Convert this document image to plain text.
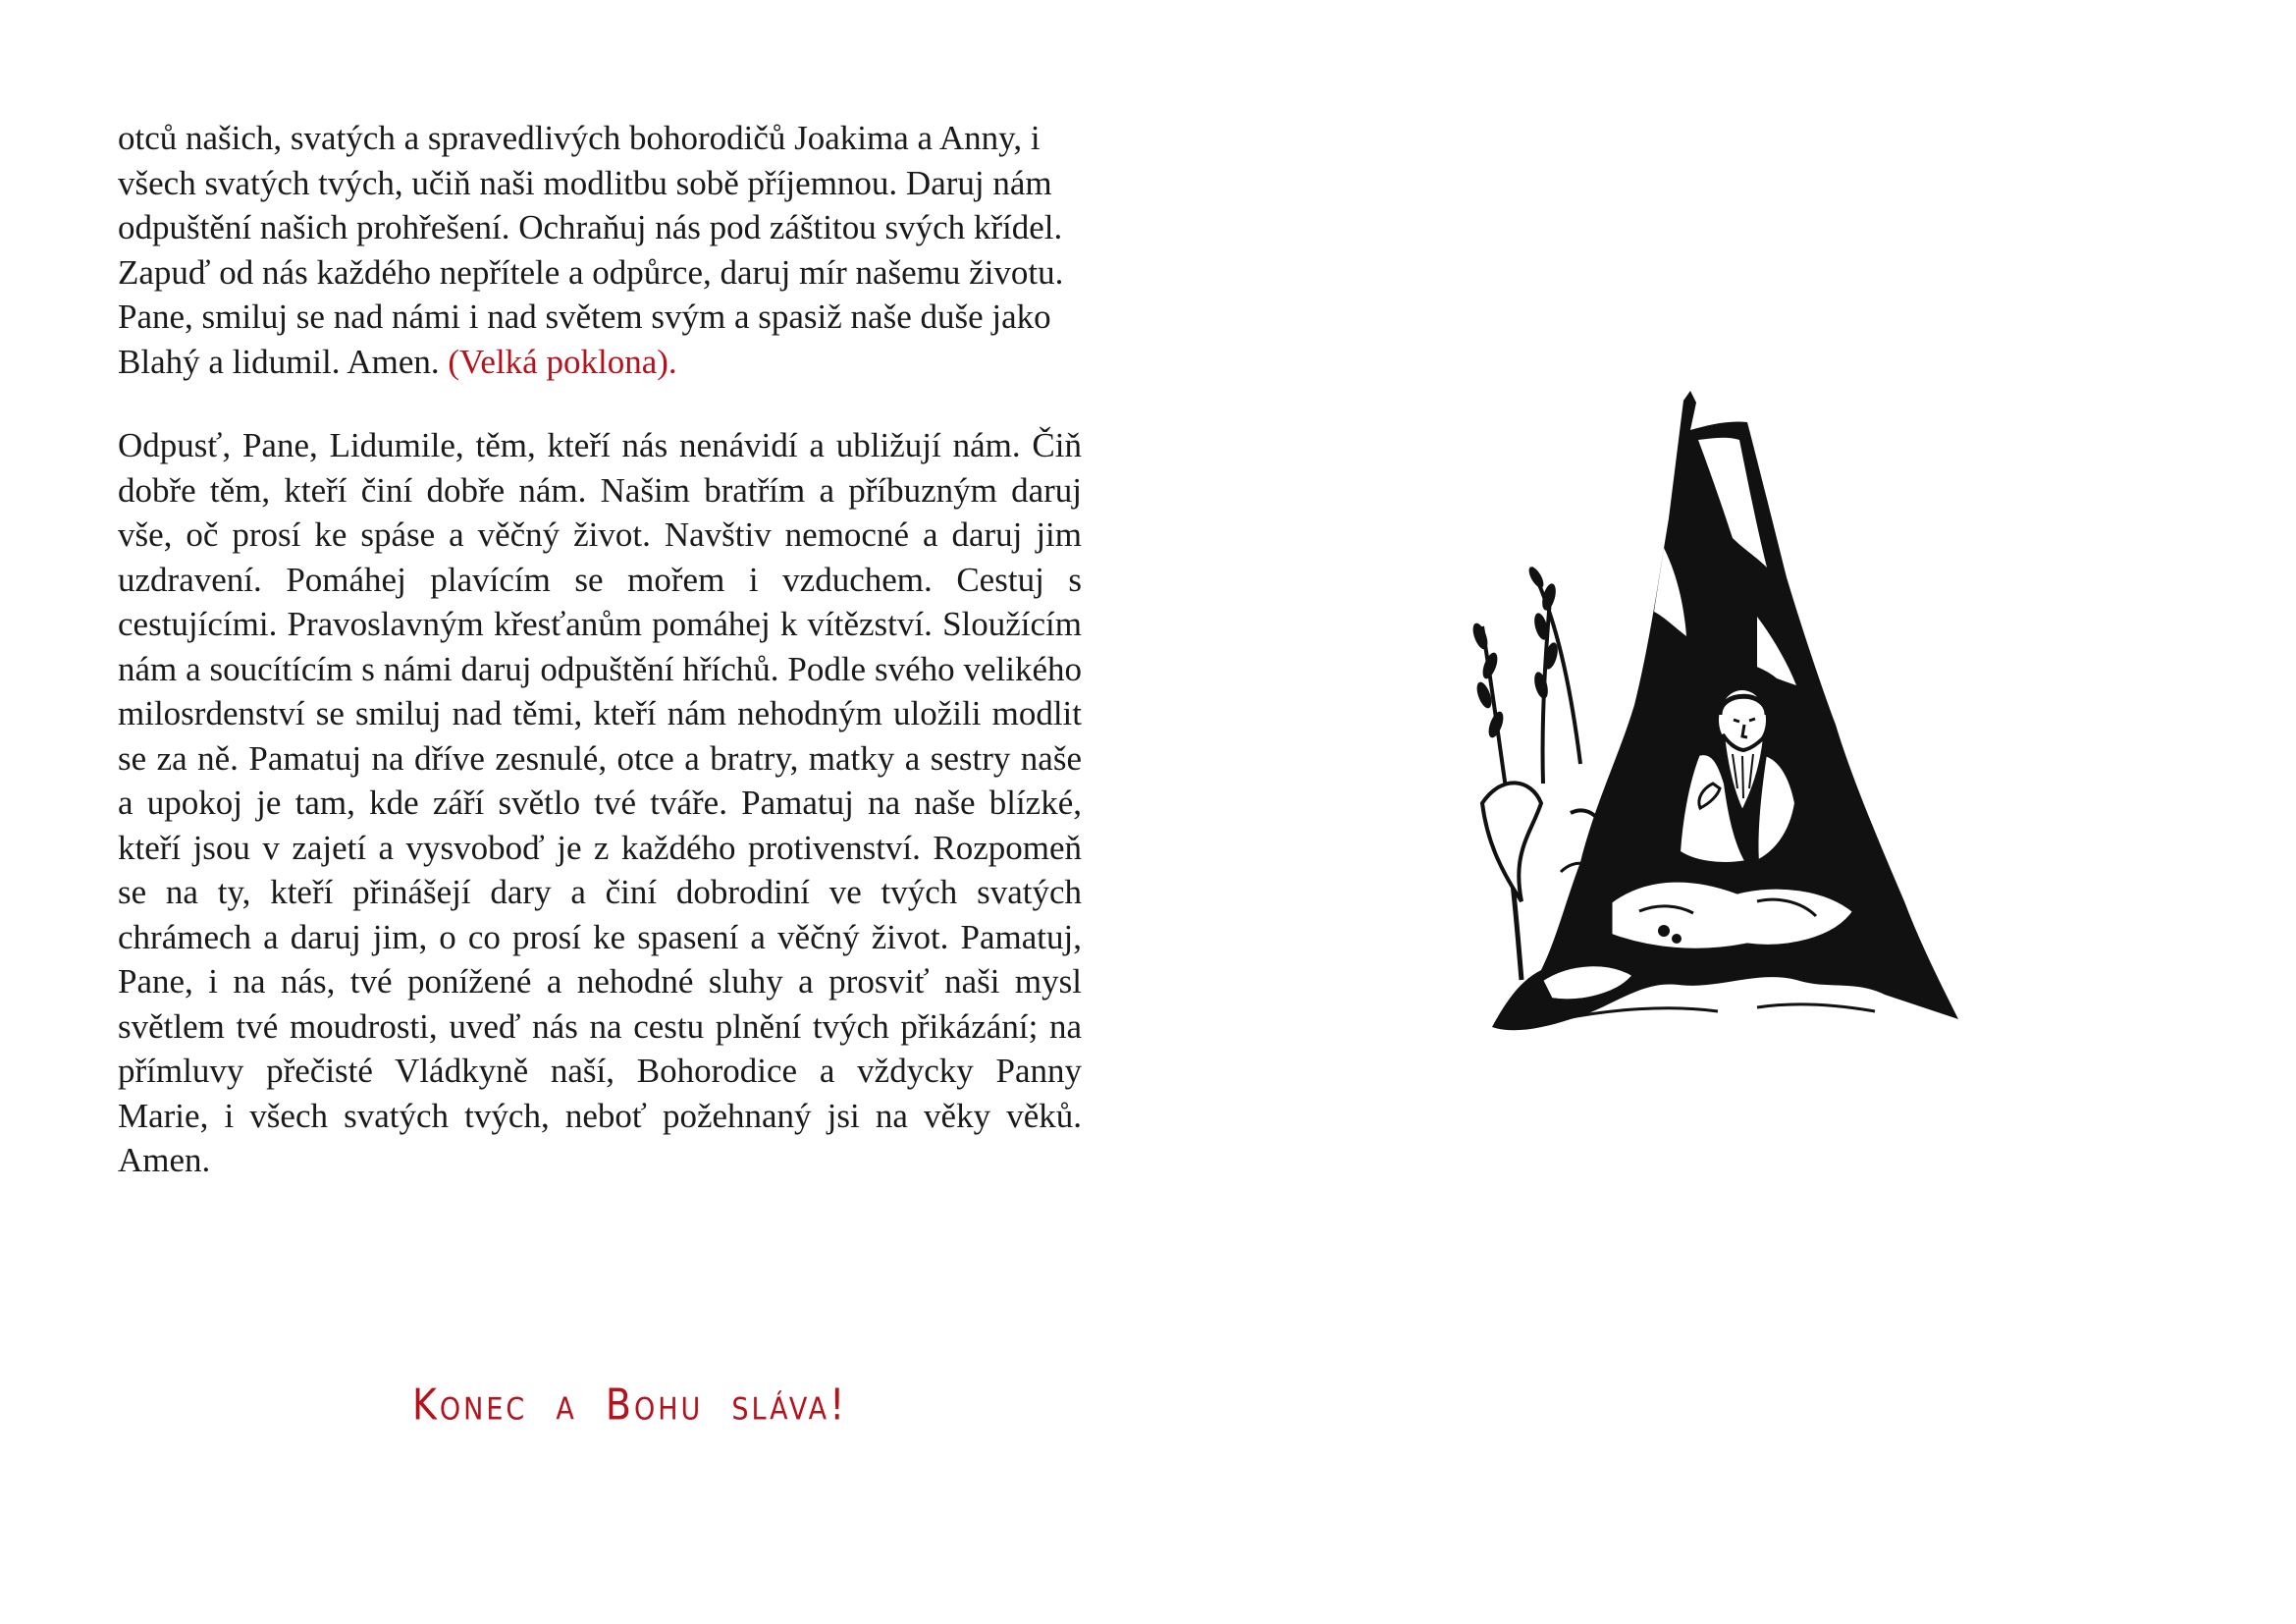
otců našich, svatých a spravedlivých bohorodičů Joakima a Anny, i všech svatých tvých, učiň naši modlitbu sobě příjemnou. Daruj nám odpuštění našich prohřešení. Ochraňuj nás pod záštitou svých křídel. Zapuď od nás každého nepřítele a odpůrce, daruj mír našemu životu. Pane, smiluj se nad námi i nad světem svým a spasiž naše duše jako Blahý a lidumil. Amen. (Velká poklona).

Odpusť, Pane, Lidumile, těm, kteří nás nenávidí a ubližují nám. Čiň dobře těm, kteří činí dobře nám. Našim bratřím a příbuzným daruj vše, oč prosí ke spáse a věčný život. Navštiv nemocné a daruj jim uzdravení. Pomáhej plavícím se mořem i vzduchem. Cestuj s cestujícími. Pravoslavným křesťanům pomáhej k vítězství. Sloužícím nám a soucítícím s námi daruj odpuštění hříchů. Podle svého velikého milosrdenství se smiluj nad těmi, kteří nám nehodným uložili modlit se za ně. Pamatuj na dříve zesnulé, otce a bratry, matky a sestry naše a upokoj je tam, kde září světlo tvé tváře. Pamatuj na naše blízké, kteří jsou v zajetí a vysvoboď je z každého protivenství. Rozpomeň se na ty, kteří přinášejí dary a činí dobrodiní ve tvých svatých chrámech a daruj jim, o co prosí ke spasení a věčný život. Pamatuj, Pane, i na nás, tvé ponížené a nehodné sluhy a prosviť naši mysl světlem tvé moudrosti, uveď nás na cestu plnění tvých přikázání; na přímluvy přečisté Vládkyně naší, Bohorodice a vždycky Panny Marie, i všech svatých tvých, neboť požehnaný jsi na věky věků. Amen.

Konec a Bohu sláva!
